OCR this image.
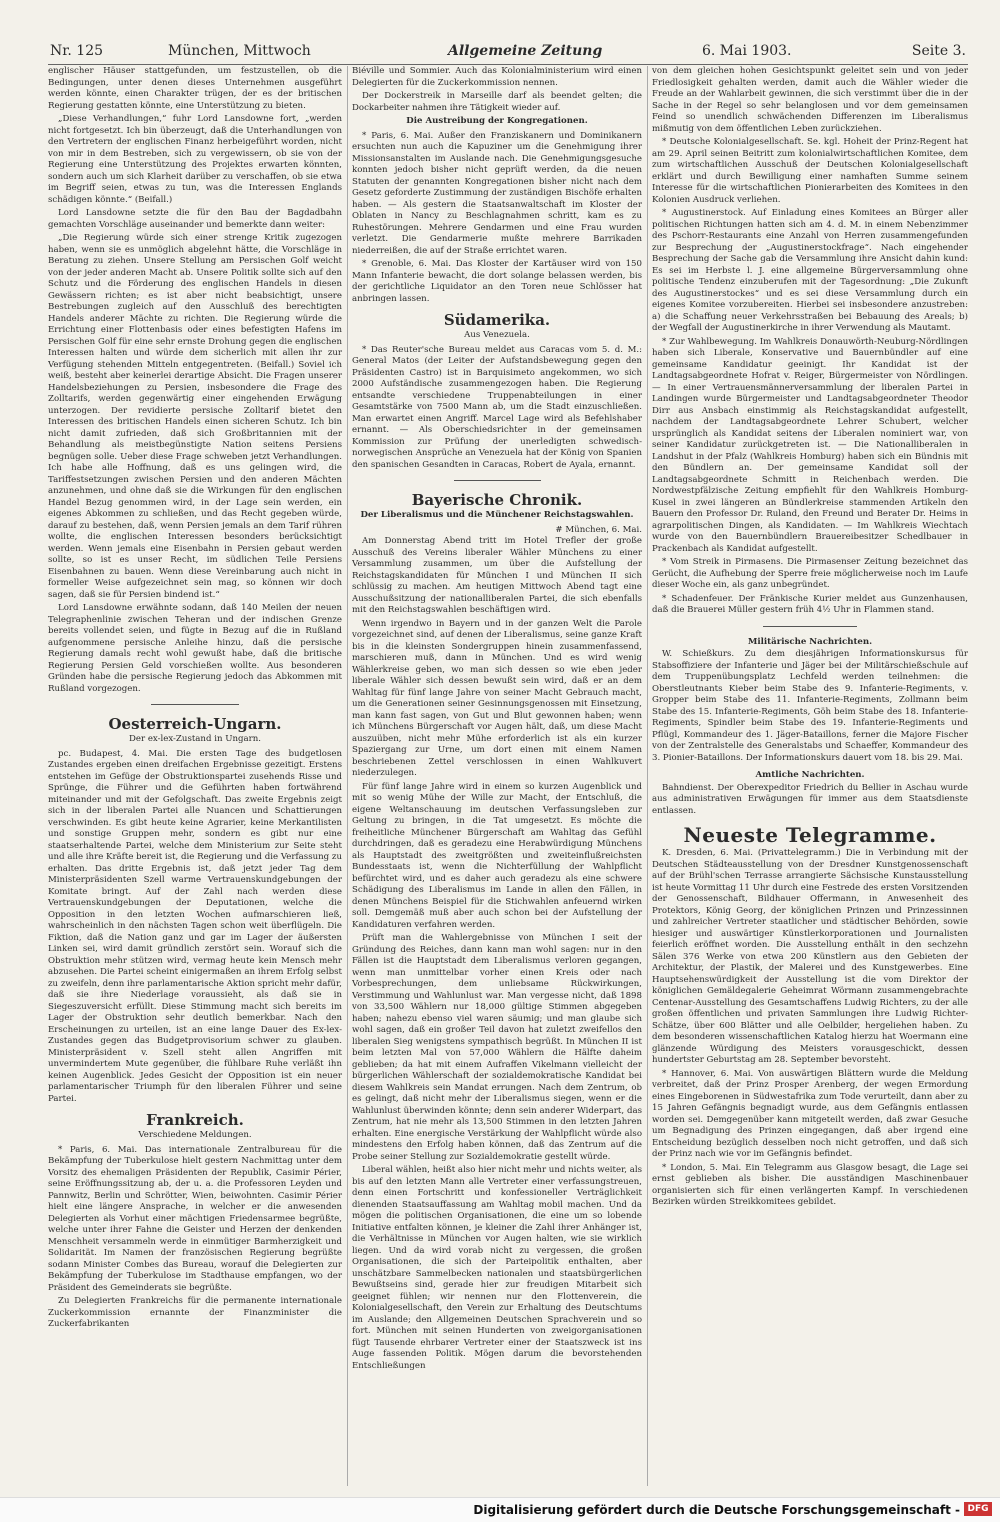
Nr. 125	München, Mittwoch	Allgemeine Zeitung	6. Mai 1903.	Seite 3.

englischer Häuser stattgefunden, um festzustellen, ob die Bedingungen, unter denen dieses Unternehmen ausgeführt werden könnte, einen Charakter trügen, der es der britischen Regierung gestatten könnte, eine Unterstützung zu bieten.

„Diese Verhandlungen,“ fuhr Lord Lansdowne fort, „werden nicht fortgesetzt. Ich bin überzeugt, daß die Unterhandlungen von den Vertretern der englischen Finanz herbeigeführt worden, nicht von mir in dem Bestreben, sich zu vergewissern, ob sie von der Regierung eine Unterstützung des Projektes erwarten könnten, sondern auch um sich Klarheit darüber zu verschaffen, ob sie etwa im Begriff seien, etwas zu tun, was die Interessen Englands schädigen könnte.“ (Beifall.)

Lord Lansdowne setzte die für den Bau der Bagdadbahn gemachten Vorschläge auseinander und bemerkte dann weiter:

„Die Regierung würde sich einer strenge Kritik zugezogen haben, wenn sie es unmöglich abgelehnt hätte, die Vorschläge in Beratung zu ziehen. Unsere Stellung am Persischen Golf weicht von der jeder anderen Macht ab. Unsere Politik sollte sich auf den Schutz und die Förderung des englischen Handels in diesen Gewässern richten; es ist aber nicht beabsichtigt, unsere Bestrebungen zugleich auf den Ausschluß des berechtigten Handels anderer Mächte zu richten. Die Regierung würde die Errichtung einer Flottenbasis oder eines befestigten Hafens im Persischen Golf für eine sehr ernste Drohung gegen die englischen Interessen halten und würde dem sicherlich mit allen ihr zur Verfügung stehenden Mitteln entgegentreten. (Beifall.) Soviel ich weiß, besteht aber keinerlei derartige Absicht. Die Fragen unserer Handelsbeziehungen zu Persien, insbesondere die Frage des Zolltarifs, werden gegenwärtig einer eingehenden Erwägung unterzogen. Der revidierte persische Zolltarif bietet den Interessen des britischen Handels einen sicheren Schutz. Ich bin nicht damit zufrieden, daß sich Großbritannien mit der Behandlung als meistbegünstigte Nation seitens Persiens begnügen solle. Ueber diese Frage schweben jetzt Verhandlungen. Ich habe alle Hoffnung, daß es uns gelingen wird, die Tariffestsetzungen zwischen Persien und den anderen Mächten anzunehmen, und ohne daß sie die Wirkungen für den englischen Handel Bezug genommen wird, in der Lage sein werden, ein eigenes Abkommen zu schließen, und das Recht gegeben würde, darauf zu bestehen, daß, wenn Persien jemals an dem Tarif rühren wollte, die englischen Interessen besonders berücksichtigt werden. Wenn jemals eine Eisenbahn in Persien gebaut werden sollte, so ist es unser Recht, im südlichen Teile Persiens Eisenbahnen zu bauen. Wenn diese Vereinbarung auch nicht in formeller Weise aufgezeichnet sein mag, so können wir doch sagen, daß sie für Persien bindend ist.“

Lord Lansdowne erwähnte sodann, daß 140 Meilen der neuen Telegraphenlinie zwischen Teheran und der indischen Grenze bereits vollendet seien, und fügte in Bezug auf die in Rußland aufgenommene persische Anleihe hinzu, daß die persische Regierung damals recht wohl gewußt habe, daß die britische Regierung Persien Geld vorschießen wollte. Aus besonderen Gründen habe die persische Regierung jedoch das Abkommen mit Rußland vorgezogen.

Oesterreich-Ungarn.
Der ex-lex-Zustand in Ungarn.

pc. Budapest, 4. Mai. Die ersten Tage des budgetlosen Zustandes ergeben einen dreifachen Ergebnisse gezeitigt. Erstens entstehen im Gefüge der Obstruktionspartei zusehends Risse und Sprünge, die Führer und die Geführten haben fortwährend miteinander und mit der Gefolgschaft. Das zweite Ergebnis zeigt sich in der liberalen Partei alle Nuancen und Schattierungen verschwinden. Es gibt heute keine Agrarier, keine Merkantilisten und sonstige Gruppen mehr, sondern es gibt nur eine staatserhaltende Partei, welche dem Ministerium zur Seite steht und alle ihre Kräfte bereit ist, die Regierung und die Verfassung zu erhalten. Das dritte Ergebnis ist, daß jetzt jeder Tag dem Ministerpräsidenten Szell warme Vertrauenskundgebungen der Komitate bringt. Auf der Zahl nach werden diese Vertrauenskundgebungen der Deputationen, welche die Opposition in den letzten Wochen aufmarschieren ließ, wahrscheinlich in den nächsten Tagen schon weit überflügeln. Die Fiktion, daß die Nation ganz und gar im Lager der äußersten Linken sei, wird damit gründlich zerstört sein. Worauf sich die Obstruktion mehr stützen wird, vermag heute kein Mensch mehr abzusehen. Die Partei scheint einigermaßen an ihrem Erfolg selbst zu zweifeln, denn ihre parlamentarische Aktion spricht mehr dafür, daß sie ihre Niederlage voraussieht, als daß sie in Siegeszuversicht erfüllt. Diese Stimmung macht sich bereits im Lager der Obstruktion sehr deutlich bemerkbar. Nach den Erscheinungen zu urteilen, ist an eine lange Dauer des Ex-lex-Zustandes gegen das Budgetprovisorium schwer zu glauben. Ministerpräsident v. Szell steht allen Angriffen mit unvermindertem Mute gegenüber, die fühlbare Ruhe verläßt ihn keinen Augenblick. Jedes Gesicht der Opposition ist ein neuer parlamentarischer Triumph für den liberalen Führer und seine Partei.

Frankreich.
Verschiedene Meldungen.

* Paris, 6. Mai. Das internationale Zentralbureau für die Bekämpfung der Tuberkulose hielt gestern Nachmittag unter dem Vorsitz des ehemaligen Präsidenten der Republik, Casimir Périer, seine Eröffnungssitzung ab, der u. a. die Professoren Leyden und Pannwitz, Berlin und Schrötter, Wien, beiwohnten. Casimir Périer hielt eine längere Ansprache, in welcher er die anwesenden Delegierten als Vorhut einer mächtigen Friedensarmee begrüßte, welche unter ihrer Fahne die Geister und Herzen der denkenden Menschheit versammeln werde in einmütiger Barmherzigkeit und Solidarität. Im Namen der französischen Regierung begrüßte sodann Minister Combes das Bureau, worauf die Delegierten zur Bekämpfung der Tuberkulose im Stadthause empfangen, wo der Präsident des Gemeinderats sie begrüßte.

Zu Delegierten Frankreichs für die permanente internationale Zuckerkommission ernannte der Finanzminister die Zuckerfabrikanten

Biéville und Sommier. Auch das Kolonialministerium wird einen Delegierten für die Zuckerkommission nennen.

Der Dockerstreik in Marseille darf als beendet gelten; die Dockarbeiter nahmen ihre Tätigkeit wieder auf.

Die Austreibung der Kongregationen.

* Paris, 6. Mai. Außer den Franziskanern und Dominikanern ersuchten nun auch die Kapuziner um die Genehmigung ihrer Missionsanstalten im Auslande nach. Die Genehmigungsgesuche konnten jedoch bisher nicht geprüft werden, da die neuen Statuten der genannten Kongregationen bisher nicht nach dem Gesetz geforderte Zustimmung der zuständigen Bischöfe erhalten haben. — Als gestern die Staatsanwaltschaft im Kloster der Oblaten in Nancy zu Beschlagnahmen schritt, kam es zu Ruhestörungen. Mehrere Gendarmen und eine Frau wurden verletzt. Die Gendarmerie mußte mehrere Barrikaden niederreißen, die auf der Straße errichtet waren.

* Grenoble, 6. Mai. Das Kloster der Kartäuser wird von 150 Mann Infanterie bewacht, die dort solange belassen werden, bis der gerichtliche Liquidator an den Toren neue Schlösser hat anbringen lassen.

Südamerika.
Aus Venezuela.

* Das Reuter'sche Bureau meldet aus Caracas vom 5. d. M.: General Matos (der Leiter der Aufstandsbewegung gegen den Präsidenten Castro) ist in Barquisimeto angekommen, wo sich 2000 Aufständische zusammengezogen haben. Die Regierung entsandte verschiedene Truppenabteilungen in einer Gesamtstärke von 7500 Mann ab, um die Stadt einzuschließen. Man erwartet einen Angriff. Marcel Lage wird als Befehlshaber ernannt. — Als Oberschiedsrichter in der gemeinsamen Kommission zur Prüfung der unerledigten schwedisch-norwegischen Ansprüche an Venezuela hat der König von Spanien den spanischen Gesandten in Caracas, Robert de Ayala, ernannt.

Bayerische Chronik.
Der Liberalismus und die Münchener Reichstagswahlen.
# München, 6. Mai.

Am Donnerstag Abend tritt im Hotel Trefler der große Ausschuß des Vereins liberaler Wähler Münchens zu einer Versammlung zusammen, um über die Aufstellung der Reichstagskandidaten für München I und München II sich schlüssig zu machen. Am heutigen Mittwoch Abend tagt eine Ausschußsitzung der nationalliberalen Partei, die sich ebenfalls mit den Reichstagswahlen beschäftigen wird.

Wenn irgendwo in Bayern und in der ganzen Welt die Parole vorgezeichnet sind, auf denen der Liberalismus, seine ganze Kraft bis in die kleinsten Sondergruppen hinein zusammenfassend, marschieren muß, dann in München. Und es wird wenig Wählerkreise geben, wo man sich dessen so wie eben jeder liberale Wähler sich dessen bewußt sein wird, daß er an dem Wahltag für fünf lange Jahre von seiner Macht Gebrauch macht, um die Generationen seiner Gesinnungsgenossen mit Einsetzung, man kann fast sagen, von Gut und Blut gewonnen haben; wenn ich Münchens Bürgerschaft vor Augen hält, daß, um diese Macht auszuüben, nicht mehr Mühe erforderlich ist als ein kurzer Spaziergang zur Urne, um dort einen mit einem Namen beschriebenen Zettel verschlossen in einen Wahlkuvert niederzulegen.

Für fünf lange Jahre wird in einem so kurzen Augenblick und mit so wenig Mühe der Wille zur Macht, der Entschluß, die eigene Weltanschauung im deutschen Verfassungsleben zur Geltung zu bringen, in die Tat umgesetzt. Es möchte die freiheitliche Münchener Bürgerschaft am Wahltag das Gefühl durchdringen, daß es geradezu eine Herabwürdigung Münchens als Hauptstadt des zweitgrößten und zweiteinflußreichsten Bundesstaats ist, wenn die Nichterfüllung der Wahlpflicht befürchtet wird, und es daher auch geradezu als eine schwere Schädigung des Liberalismus im Lande in allen den Fällen, in denen Münchens Beispiel für die Stichwahlen anfeuernd wirken soll. Demgemäß muß aber auch schon bei der Aufstellung der Kandidaturen verfahren werden.

Prüft man die Wahlergebnisse von München I seit der Gründung des Reiches, dann kann man wohl sagen: nur in den Fällen ist die Hauptstadt dem Liberalismus verloren gegangen, wenn man unmittelbar vorher einen Kreis oder nach Vorbesprechungen, dem unliebsame Rückwirkungen, Verstimmung und Wahlunlust war. Man vergesse nicht, daß 1898 von 33,500 Wählern nur 18,000 gültige Stimmen abgegeben haben; nahezu ebenso viel waren säumig; und man glaube sich wohl sagen, daß ein großer Teil davon hat zuletzt zweifellos den liberalen Sieg wenigstens sympathisch begrüßt. In München II ist beim letzten Mal von 57,000 Wählern die Hälfte daheim geblieben; da hat mit einem Aufraffen Vikelmann vielleicht der bürgerlichen Wählerschaft der sozialdemokratische Kandidat bei diesem Wahlkreis sein Mandat errungen. Nach dem Zentrum, ob es gelingt, daß nicht mehr der Liberalismus siegen, wenn er die Wahlunlust überwinden könnte; denn sein anderer Widerpart, das Zentrum, hat nie mehr als 13,500 Stimmen in den letzten Jahren erhalten. Eine energische Verstärkung der Wahlpflicht würde also mindestens den Erfolg haben können, daß das Zentrum auf die Probe seiner Stellung zur Sozialdemokratie gestellt würde.

Liberal wählen, heißt also hier nicht mehr und nichts weiter, als bis auf den letzten Mann alle Vertreter einer verfassungstreuen, denn einen Fortschritt und konfessioneller Verträglichkeit dienenden Staatsauffassung am Wahltag mobil machen. Und da mögen die politischen Organisationen, die eine um so lobende Initiative entfalten können, je kleiner die Zahl ihrer Anhänger ist, die Verhältnisse in München vor Augen halten, wie sie wirklich liegen. Und da wird vorab nicht zu vergessen, die großen Organisationen, die sich der Parteipolitik enthalten, aber unschätzbare Sammelbecken nationalen und staatsbürgerlichen Bewußtseins sind, gerade hier zur freudigen Mitarbeit sich geeignet fühlen; wir nennen nur den Flottenverein, die Kolonialgesellschaft, den Verein zur Erhaltung des Deutschtums im Auslande; den Allgemeinen Deutschen Sprachverein und so fort. München mit seinen Hunderten von zweigorganisationen fügt Tausende ehrbarer Vertreter einer der Staatszweck ist ins Auge fassenden Politik. Mögen darum die bevorstehenden Entschließungen

von dem gleichen hohen Gesichtspunkt geleitet sein und von jeder Friedlosigkeit gehalten werden, damit auch die Wähler wieder die Freude an der Wahlarbeit gewinnen, die sich verstimmt über die in der Sache in der Regel so sehr belanglosen und vor dem gemeinsamen Feind so unendlich schwächenden Differenzen im Liberalismus mißmutig von dem öffentlichen Leben zurückziehen.

* Deutsche Kolonialgesellschaft. Se. kgl. Hoheit der Prinz-Regent hat am 29. April seinen Beitritt zum kolonialwirtschaftlichen Komitee, dem zum wirtschaftlichen Ausschuß der Deutschen Kolonialgesellschaft erklärt und durch Bewilligung einer namhaften Summe seinem Interesse für die wirtschaftlichen Pionierarbeiten des Komitees in den Kolonien Ausdruck verliehen.

* Augustinerstock. Auf Einladung eines Komitees an Bürger aller politischen Richtungen hatten sich am 4. d. M. in einem Nebenzimmer des Pschorr-Restaurants eine Anzahl von Herren zusammengefunden zur Besprechung der „Augustinerstockfrage“. Nach eingehender Besprechung der Sache gab die Versammlung ihre Ansicht dahin kund: Es sei im Herbste l. J. eine allgemeine Bürgerversammlung ohne politische Tendenz einzuberufen mit der Tagesordnung: „Die Zukunft des Augustinerstockes“ und es sei diese Versammlung durch ein eigenes Komitee vorzubereiten. Hierbei sei insbesondere anzustreben: a) die Schaffung neuer Verkehrsstraßen bei Bebauung des Areals; b) der Wegfall der Augustinerkirche in ihrer Verwendung als Mautamt.

* Zur Wahlbewegung. Im Wahlkreis Donauwörth-Neuburg-Nördlingen haben sich Liberale, Konservative und Bauernbündler auf eine gemeinsame Kandidatur geeinigt. Ihr Kandidat ist der Landtagsabgeordnete Hofrat v. Reiger, Bürgermeister von Nördlingen. — In einer Vertrauensmännerversammlung der liberalen Partei in Landingen wurde Bürgermeister und Landtagsabgeordneter Theodor Dirr aus Ansbach einstimmig als Reichstagskandidat aufgestellt, nachdem der Landtagsabgeordnete Lehrer Schubert, welcher ursprünglich als Kandidat seitens der Liberalen nominiert war, von seiner Kandidatur zurückgetreten ist. — Die Nationalliberalen in Landshut in der Pfalz (Wahlkreis Homburg) haben sich ein Bündnis mit den Bündlern an. Der gemeinsame Kandidat soll der Landtagsabgeordnete Schmitt in Reichenbach werden. Die Nordwestpfälzische Zeitung empfiehlt für den Wahlkreis Homburg-Kusel in zwei längeren an Bündlerkreise stammenden Artikeln den Bauern den Professor Dr. Ruland, den Freund und Berater Dr. Heims in agrarpolitischen Dingen, als Kandidaten. — Im Wahlkreis Wiechtach wurde von den Bauernbündlern Brauereibesitzer Schedlbauer in Prackenbach als Kandidat aufgestellt.

* Vom Streik in Pirmasens. Die Pirmasenser Zeitung bezeichnet das Gerücht, die Aufhebung der Sperre freie möglicherweise noch im Laufe dieser Woche ein, als ganz unbegründet.

* Schadenfeuer. Der Fränkische Kurier meldet aus Gunzenhausen, daß die Brauerei Müller gestern früh 4½ Uhr in Flammen stand.

Militärische Nachrichten.

W. Schießkurs. Zu dem diesjährigen Informationskursus für Stabsoffiziere der Infanterie und Jäger bei der Militärschießschule auf dem Truppenübungsplatz Lechfeld werden teilnehmen: die Oberstleutnants Kieber beim Stabe des 9. Infanterie-Regiments, v. Gropper beim Stabe des 11. Infanterie-Regiments, Zollmann beim Stabe des 15. Infanterie-Regiments, Göh beim Stabe des 18. Infanterie-Regiments, Spindler beim Stabe des 19. Infanterie-Regiments und Pflügl, Kommandeur des 1. Jäger-Bataillons, ferner die Majore Fischer von der Zentralstelle des Generalstabs und Schaeffer, Kommandeur des 3. Pionier-Bataillons. Der Informationskurs dauert vom 18. bis 29. Mai.

Amtliche Nachrichten.

Bahndienst. Der Oberexpeditor Friedrich du Bellier in Aschau wurde aus administrativen Erwägungen für immer aus dem Staatsdienste entlassen.

Neueste Telegramme.

K. Dresden, 6. Mai. (Privattelegramm.) Die in Verbindung mit der Deutschen Städteausstellung von der Dresdner Kunstgenossenschaft auf der Brühl'schen Terrasse arrangierte Sächsische Kunstausstellung ist heute Vormittag 11 Uhr durch eine Festrede des ersten Vorsitzenden der Genossenschaft, Bildhauer Offermann, in Anwesenheit des Protektors, König Georg, der königlichen Prinzen und Prinzessinnen und zahlreicher Vertreter staatlicher und städtischer Behörden, sowie hiesiger und auswärtiger Künstlerkorporationen und Journalisten feierlich eröffnet worden. Die Ausstellung enthält in den sechzehn Sälen 376 Werke von etwa 200 Künstlern aus den Gebieten der Architektur, der Plastik, der Malerei und des Kunstgewerbes. Eine Hauptsehenswürdigkeit der Ausstellung ist die vom Direktor der königlichen Gemäldegalerie Geheimrat Wörmann zusammengebrachte Centenar-Ausstellung des Gesamtschaffens Ludwig Richters, zu der alle großen öffentlichen und privaten Sammlungen ihre Ludwig Richter-Schätze, über 600 Blätter und alle Oelbilder, hergeliehen haben. Zu dem besonderen wissenschaftlichen Katalog hierzu hat Woermann eine glänzende Würdigung des Meisters vorausgeschickt, dessen hundertster Geburtstag am 28. September bevorsteht.

* Hannover, 6. Mai. Von auswärtigen Blättern wurde die Meldung verbreitet, daß der Prinz Prosper Arenberg, der wegen Ermordung eines Eingeborenen in Südwestafrika zum Tode verurteilt, dann aber zu 15 Jahren Gefängnis begnadigt wurde, aus dem Gefängnis entlassen worden sei. Demgegenüber kann mitgeteilt werden, daß zwar Gesuche um Begnadigung des Prinzen eingegangen, daß aber irgend eine Entscheidung bezüglich desselben noch nicht getroffen, und daß sich der Prinz nach wie vor im Gefängnis befindet.

* London, 5. Mai. Ein Telegramm aus Glasgow besagt, die Lage sei ernst geblieben als bisher. Die ausständigen Maschinenbauer organisierten sich für einen verlängerten Kampf. In verschiedenen Bezirken würden Streikkomitees gebildet.

Digitalisierung gefördert durch die Deutsche Forschungsgemeinschaft - DFG
